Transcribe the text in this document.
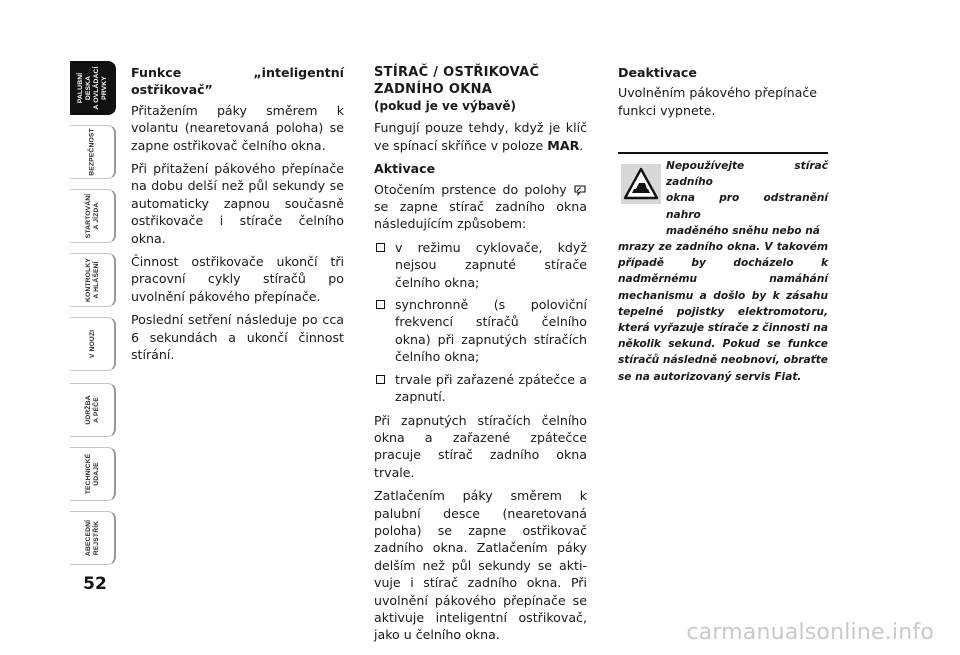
PALUBNÍ DESKA
A OVLÁDACÍ PRVKY
BEZPEČNOST
STARTOVÁNÍ
A JÍZDA
KONTROLKY
A HLÁŠENÍ
V NOUZI
ÚDRŽBA
A PÉČE
TECHNICKÉ
ÚDAJE
ABECEDNÍ
REJSTŘÍK
52

Funkce „inteligentní ostřikovač”

Přitažením páky směrem k volantu (nearetovaná poloha) se zapne ostřikovač čelního okna.

Při přitažení pákového přepínače na dobu delší než půl sekundy se automaticky zapnou současně ostřikovače i stírače čelního okna.

Činnost ostřikovače ukončí tři pracovní cykly stíračů po uvolnění pákového přepínače.

Poslední setření následuje po cca 6 sekundách a ukončí činnost stírání.

STÍRAČ / OSTŘIKOVAČ
ZADNÍHO OKNA

(pokud je ve výbavě)

Fungují pouze tehdy, když je klíč ve spínací skříňce v poloze MAR.

Aktivace

Otočením prstence do polohy  se zapne stírač zadního okna následujícím způsobem:

v režimu cyklovače, když nejsou zapnuté stírače čelního okna;
synchronně (s poloviční frekvencí stíračů čelního okna) při zapnutých stíračích čelního okna;
trvale při zařazené zpátečce a zapnutí.

Při zapnutých stíračích čelního okna a zařazené zpátečce pracuje stírač zadního okna trvale.

Zatlačením páky směrem k palubní desce (nearetovaná poloha) se zapne ostřikovač zadního okna. Zatlačením páky delším než půl sekundy se aktivuje i stírač zadního okna. Při uvolnění pákového přepínače se aktivuje inteligentní ostřikovač, jako u čelního okna.

Deaktivace

Uvolněním pákového přepínače funkci vypnete.

Nepoužívejte stírač zadního
okna pro odstranění nahro
maděného sněhu nebo ná
mrazy ze zadního okna. V takovém případě by docházelo k nadměrnému namáhání mechanismu a došlo by k zásahu tepelné pojistky elektromotoru, která vyřazuje stírače z činnosti na několik sekund. Pokud se funkce stíračů následně neobnoví, obraťte se na autorizovaný servis Fiat.
carmanualsonline.info
